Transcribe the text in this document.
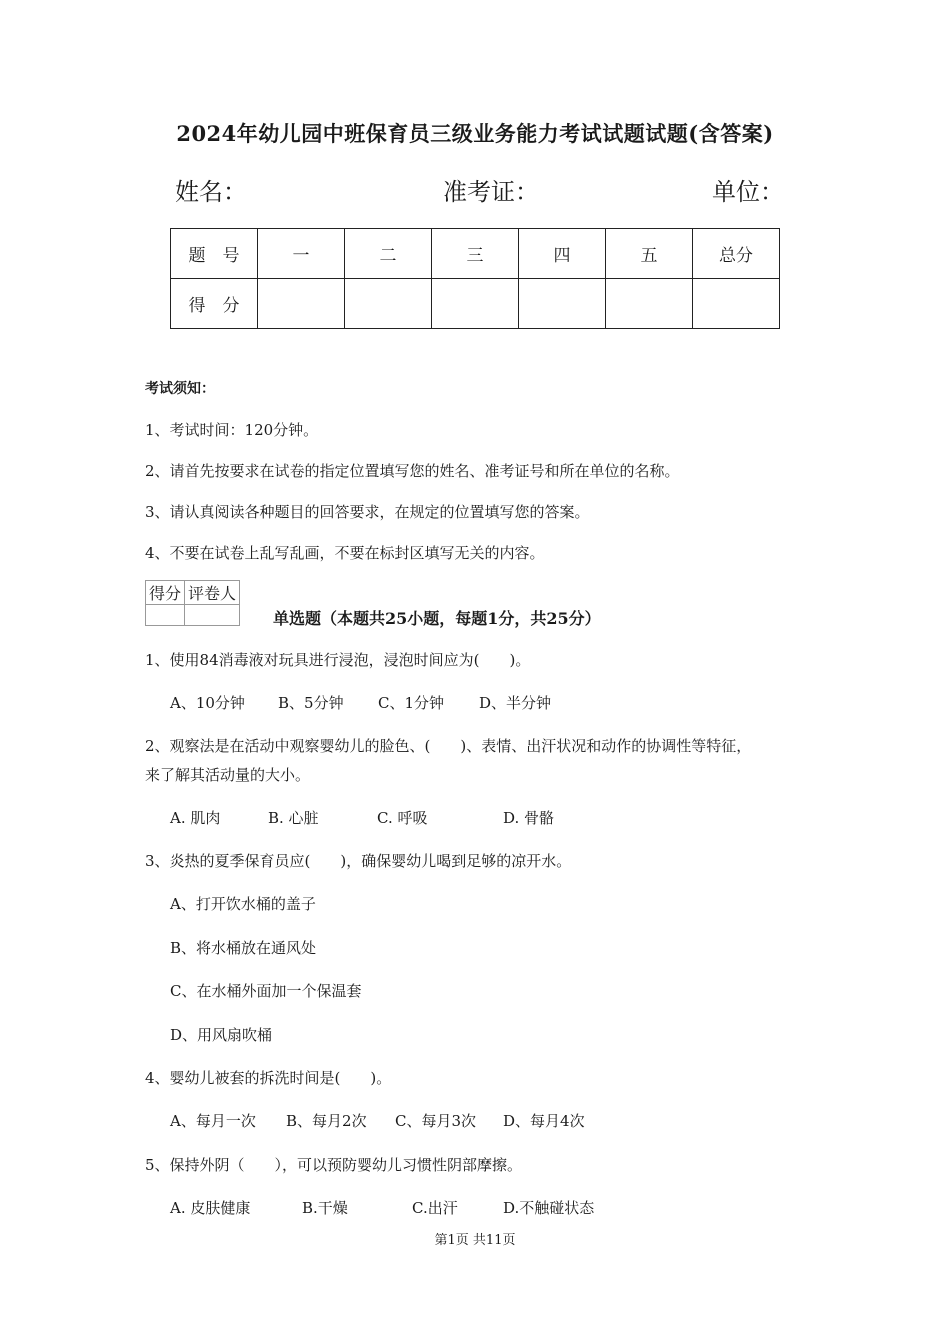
2024年幼儿园中班保育员三级业务能力考试试题试题(含答案)
姓名：	准考证：	单位：
题　号	一	二	三	四	五	总分
得　分						
考试须知：
1、考试时间：120分钟。
2、请首先按要求在试卷的指定位置填写您的姓名、准考证号和所在单位的名称。
3、请认真阅读各种题目的回答要求，在规定的位置填写您的答案。
4、不要在试卷上乱写乱画，不要在标封区填写无关的内容。
得分	评卷人

单选题（本题共25小题，每题1分，共25分）
1、使用84消毒液对玩具进行浸泡，浸泡时间应为(　　)。
A、10分钟 B、5分钟 C、1分钟 D、半分钟
2、观察法是在活动中观察婴幼儿的脸色、(　　)、表情、出汗状况和动作的协调性等特征，
来了解其活动量的大小。
A. 肌肉	B. 心脏	C. 呼吸	D. 骨骼
3、炎热的夏季保育员应(　　)，确保婴幼儿喝到足够的凉开水。
A、打开饮水桶的盖子
B、将水桶放在通风处
C、在水桶外面加一个保温套
D、用风扇吹桶
4、婴幼儿被套的拆洗时间是(　　)。
A、每月一次 B、每月2次 C、每月3次 D、每月4次
5、保持外阴（　　），可以预防婴幼儿习惯性阴部摩擦。
A. 皮肤健康	B.干燥	C.出汗	D.不触碰状态
第1页 共11页
